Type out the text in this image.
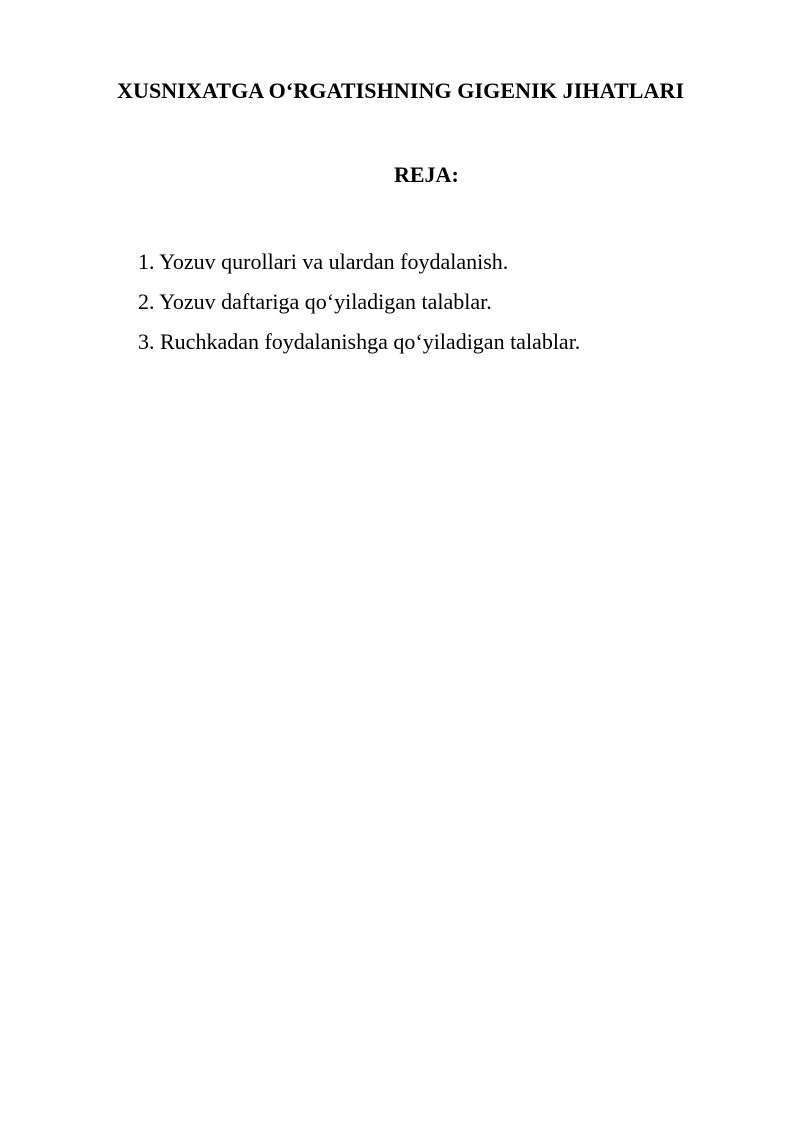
XUSNIXATGA O‘RGATISHNING GIGENIK JIHATLARI
REJA:
1. Yozuv qurollari va ulardan foydalanish.
2. Yozuv daftariga qo‘yiladigan talablar.
3. Ruchkadan foydalanishga qo‘yiladigan talablar.
